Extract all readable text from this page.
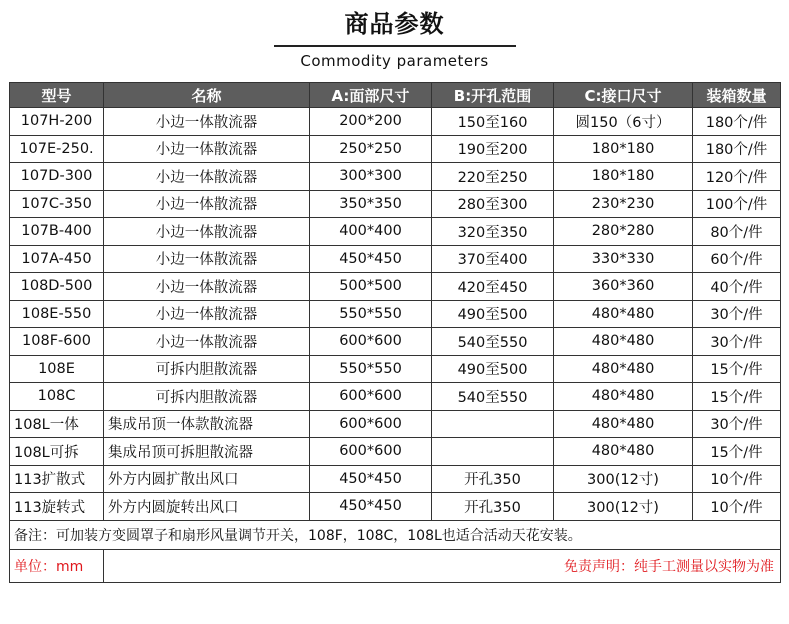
商品参数
Commodity parameters
型号	名称	A:面部尺寸	B:开孔范围	C:接口尺寸	装箱数量
107H-200	小边一体散流器	200*200	150至160	圆150（6寸）	180个/件
107E-250.	小边一体散流器	250*250	190至200	180*180	180个/件
107D-300	小边一体散流器	300*300	220至250	180*180	120个/件
107C-350	小边一体散流器	350*350	280至300	230*230	100个/件
107B-400	小边一体散流器	400*400	320至350	280*280	80个/件
107A-450	小边一体散流器	450*450	370至400	330*330	60个/件
108D-500	小边一体散流器	500*500	420至450	360*360	40个/件
108E-550	小边一体散流器	550*550	490至500	480*480	30个/件
108F-600	小边一体散流器	600*600	540至550	480*480	30个/件
108E	可拆内胆散流器	550*550	490至500	480*480	15个/件
108C	可拆内胆散流器	600*600	540至550	480*480	15个/件
108L一体	集成吊顶一体款散流器	600*600		480*480	30个/件
108L可拆	集成吊顶可拆胆散流器	600*600		480*480	15个/件
113扩散式	外方内圆扩散出风口	450*450	开孔350	300(12寸)	10个/件
113旋转式	外方内圆旋转出风口	450*450	开孔350	300(12寸)	10个/件
备注：可加装方变圆罩子和扇形风量调节开关，108F，108C，108L也适合活动天花安装。					
单位：mm	免责声明：纯手工测量以实物为准				
